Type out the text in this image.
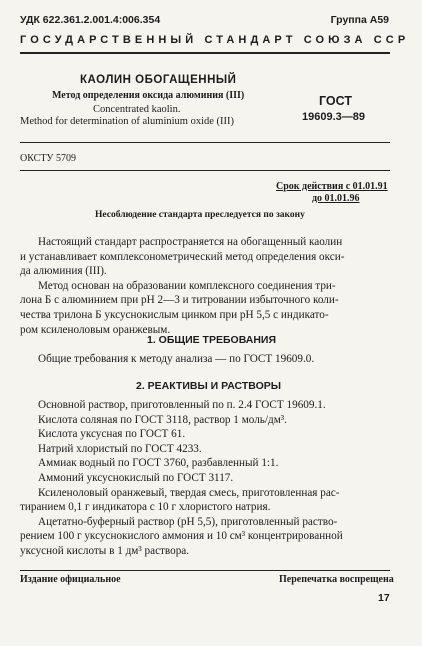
УДК 622.361.2.001.4:006.354	Группа А59
ГОСУДАРСТВЕННЫЙ СТАНДАРТ СОЮЗА ССР
КАОЛИН ОБОГАЩЕННЫЙ
Метод определения оксида алюминия (III)
Concentrated kaolin.
Method for determination of aluminium oxide (III)
ГОСТ
19609.3—89
ОКСТУ 5709
Срок действия с 01.01.91
до 01.01.96
Несоблюдение стандарта преследуется по закону
Настоящий стандарт распространяется на обогащенный каолин
и устанавливает комплексонометрический метод определения окси-
да алюминия (III).
Метод основан на образовании комплексного соединения три-
лона Б с алюминием при pH 2—3 и титровании избыточного коли-
чества трилона Б уксуснокислым цинком при pH 5,5 с индикато-
ром ксиленоловым оранжевым.
1. ОБЩИЕ ТРЕБОВАНИЯ
Общие требования к методу анализа — по ГОСТ 19609.0.
2. РЕАКТИВЫ И РАСТВОРЫ
Основной раствор, приготовленный по п. 2.4 ГОСТ 19609.1.
Кислота соляная по ГОСТ 3118, раствор 1 моль/дм³.
Кислота уксусная по ГОСТ 61.
Натрий хлористый по ГОСТ 4233.
Аммиак водный по ГОСТ 3760, разбавленный 1:1.
Аммоний уксуснокислый по ГОСТ 3117.
Ксиленоловый оранжевый, твердая смесь, приготовленная рас-
тиранием 0,1 г индикатора с 10 г хлористого натрия.
Ацетатно-буферный раствор (pH 5,5), приготовленный раство-
рением 100 г уксуснокислого аммония и 10 см³ концентрированной
уксусной кислоты в 1 дм³ раствора.
Издание официальное	Перепечатка воспрещена
17
